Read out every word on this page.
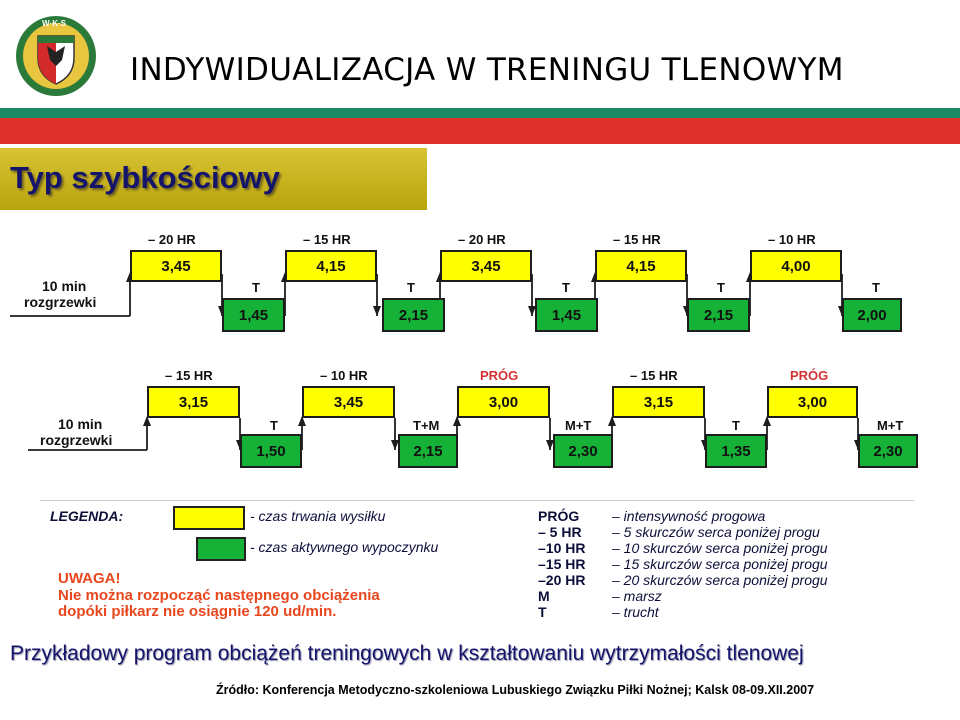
W·K·S
INDYWIDUALIZACJA W TRENINGU TLENOWYM
Typ szybkościowy
10 min
rozgrzewki
– 20 HR
3,45
– 15 HR
4,15
– 20 HR
3,45
– 15 HR
4,15
– 10 HR
4,00
T
1,45
T
2,15
T
1,45
T
2,15
T
2,00
10 min
rozgrzewki
– 15 HR
3,15
– 10 HR
3,45
PRÓG
3,00
– 15 HR
3,15
PRÓG
3,00
T
1,50
T+M
2,15
M+T
2,30
T
1,35
M+T
2,30
LEGENDA:	- czas trwania wysiłku
- czas aktywnego wypoczynku
UWAGA!
Nie można rozpocząć następnego obciążenia
dopóki piłkarz nie osiągnie 120 ud/min.
PRÓG – intensywność progowa
– 5 HR – 5 skurczów serca poniżej progu
–10 HR – 10 skurczów serca poniżej progu
–15 HR – 15 skurczów serca poniżej progu
–20 HR – 20 skurczów serca poniżej progu
M	– marsz
T	– trucht
Przykładowy program obciążeń treningowych w kształtowaniu wytrzymałości tlenowej
Źródło: Konferencja Metodyczno-szkoleniowa Lubuskiego Związku Piłki Nożnej; Kalsk 08-09.XII.2007
